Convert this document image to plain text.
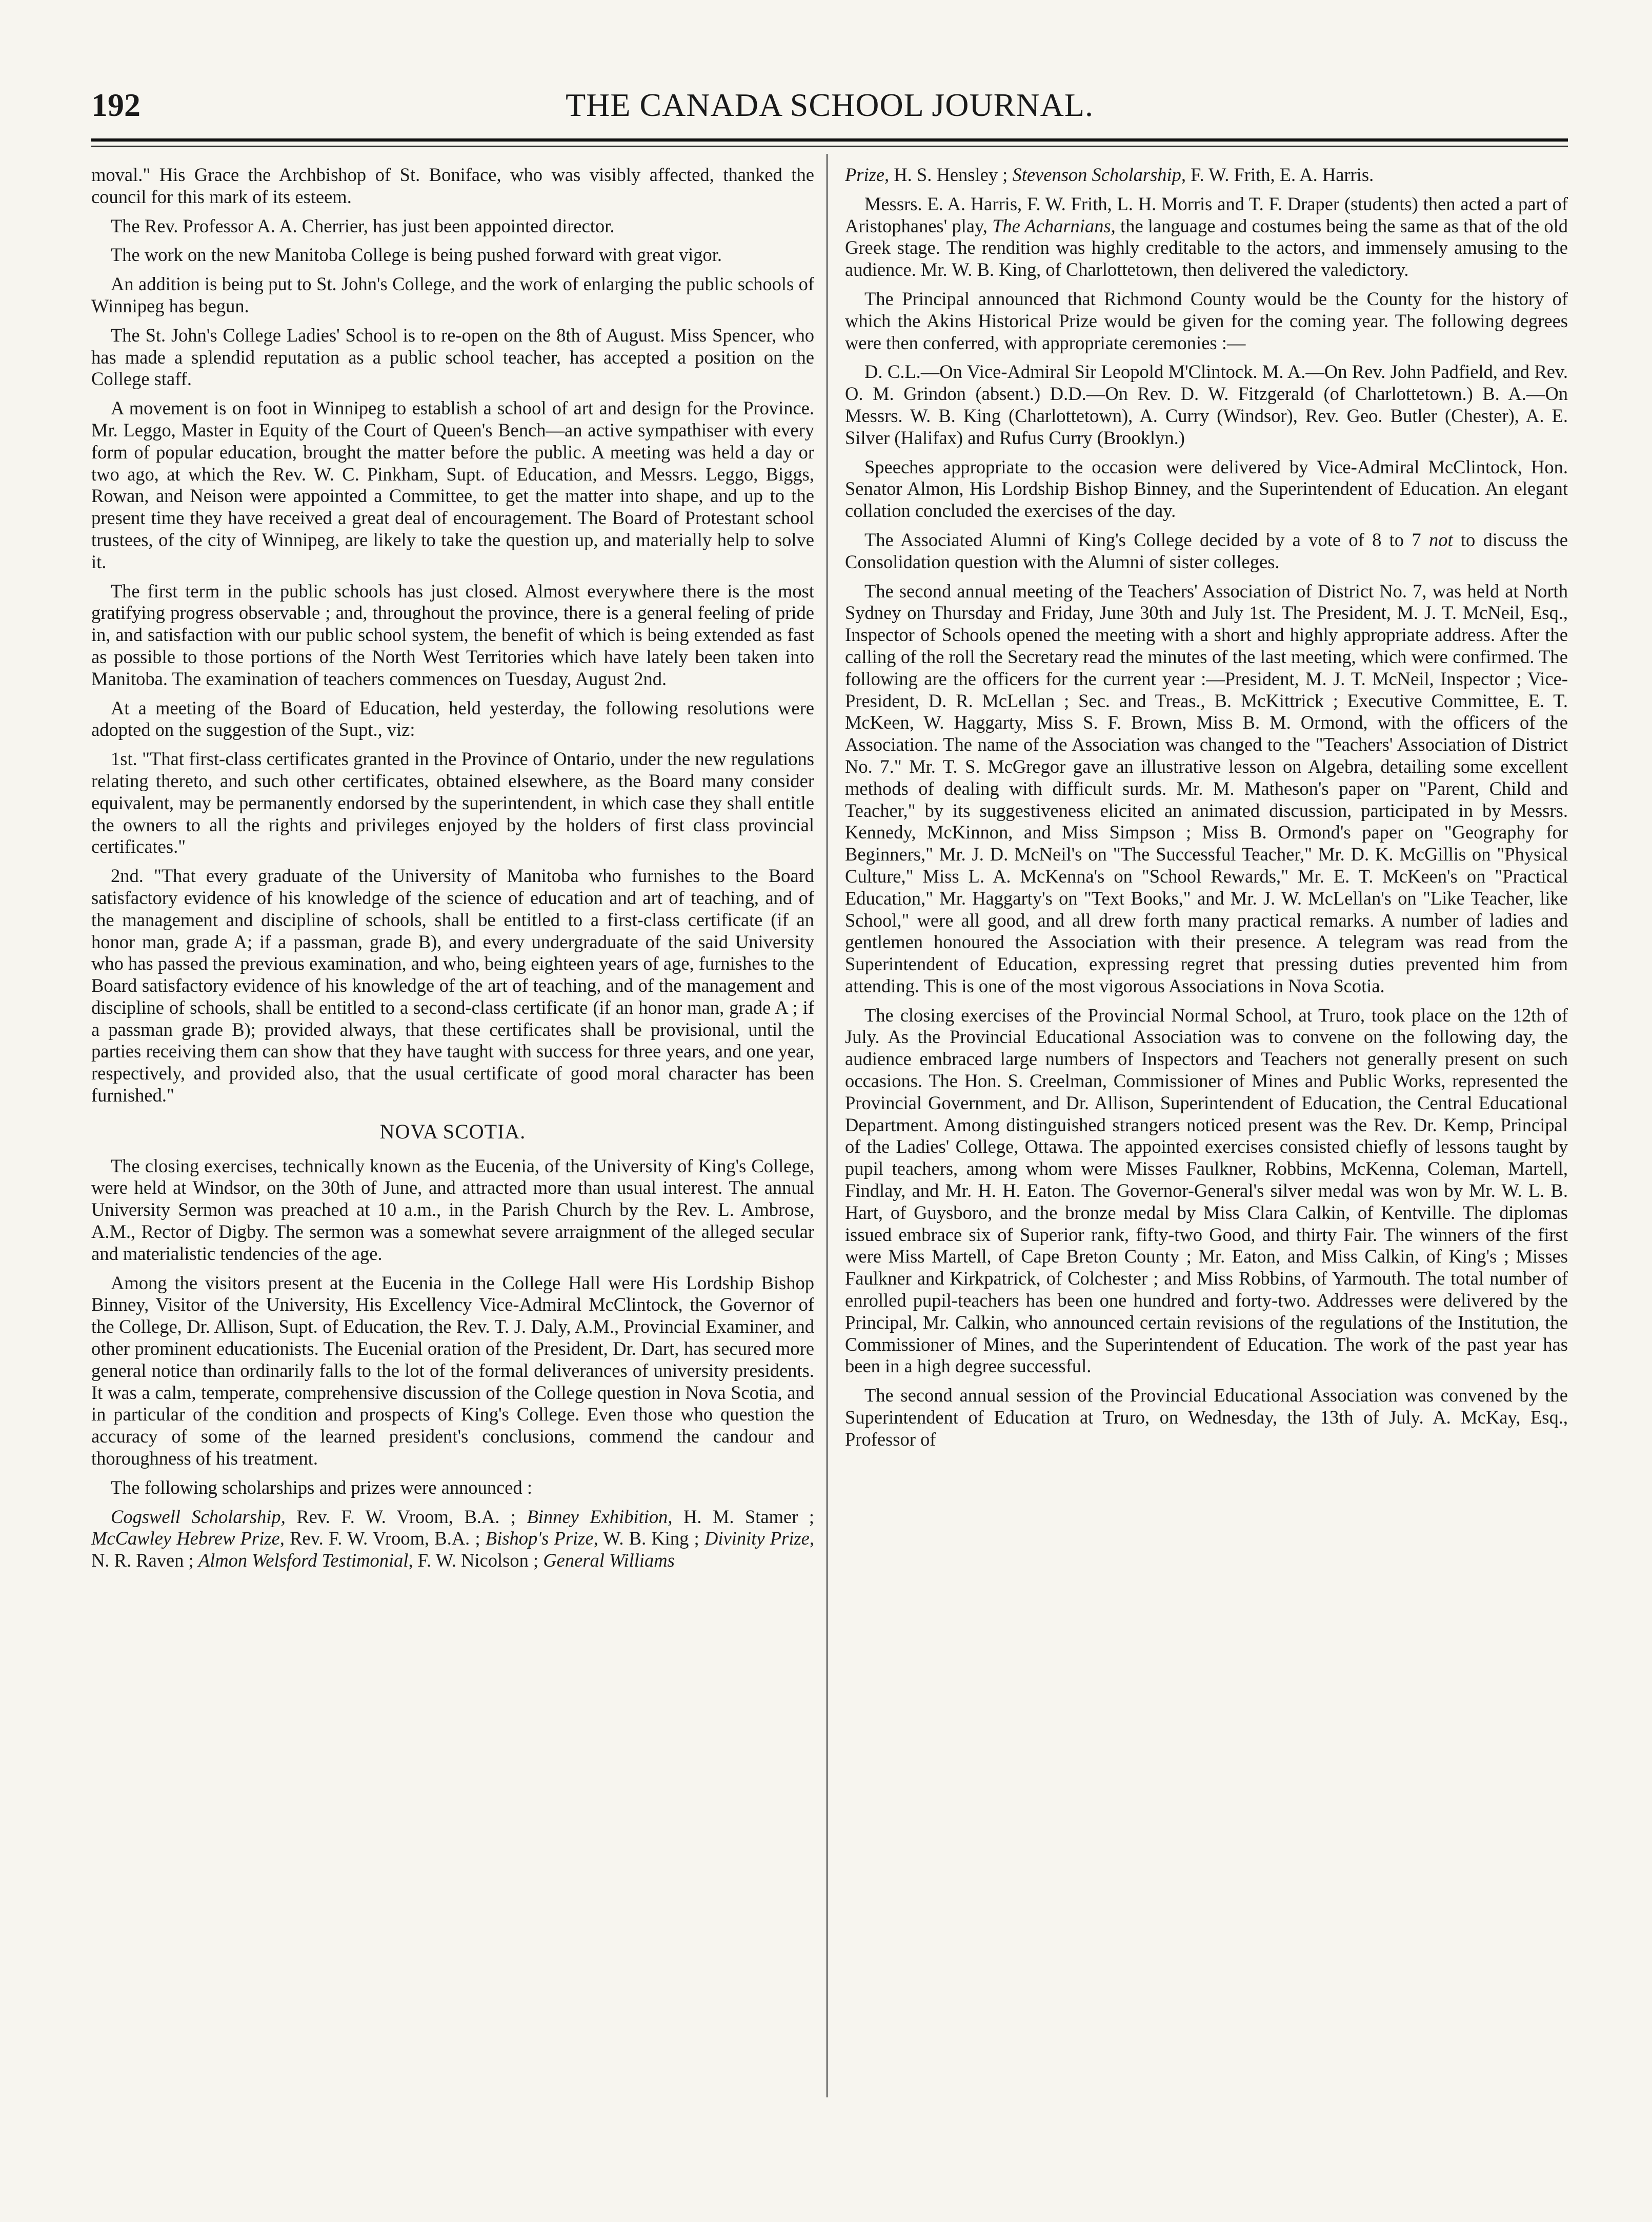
192	THE CANADA SCHOOL JOURNAL.

moval." His Grace the Archbishop of St. Boniface, who was visibly affected, thanked the council for this mark of its esteem.

The Rev. Professor A. A. Cherrier, has just been appointed director.

The work on the new Manitoba College is being pushed forward with great vigor.

An addition is being put to St. John's College, and the work of enlarging the public schools of Winnipeg has begun.

The St. John's College Ladies' School is to re-open on the 8th of August. Miss Spencer, who has made a splendid reputation as a public school teacher, has accepted a position on the College staff.

A movement is on foot in Winnipeg to establish a school of art and design for the Province. Mr. Leggo, Master in Equity of the Court of Queen's Bench—an active sympathiser with every form of popular education, brought the matter before the public. A meeting was held a day or two ago, at which the Rev. W. C. Pinkham, Supt. of Education, and Messrs. Leggo, Biggs, Rowan, and Neison were appointed a Committee, to get the matter into shape, and up to the present time they have received a great deal of encouragement. The Board of Protestant school trustees, of the city of Winnipeg, are likely to take the question up, and materially help to solve it.

The first term in the public schools has just closed. Almost everywhere there is the most gratifying progress observable ; and, throughout the province, there is a general feeling of pride in, and satisfaction with our public school system, the benefit of which is being extended as fast as possible to those portions of the North West Territories which have lately been taken into Manitoba. The examination of teachers commences on Tuesday, August 2nd.

At a meeting of the Board of Education, held yesterday, the following resolutions were adopted on the suggestion of the Supt., viz:

1st. "That first-class certificates granted in the Province of Ontario, under the new regulations relating thereto, and such other certificates, obtained elsewhere, as the Board many consider equivalent, may be permanently endorsed by the superintendent, in which case they shall entitle the owners to all the rights and privileges enjoyed by the holders of first class provincial certificates."

2nd. "That every graduate of the University of Manitoba who furnishes to the Board satisfactory evidence of his knowledge of the science of education and art of teaching, and of the management and discipline of schools, shall be entitled to a first-class certificate (if an honor man, grade A; if a passman, grade B), and every undergraduate of the said University who has passed the previous examination, and who, being eighteen years of age, furnishes to the Board satisfactory evidence of his knowledge of the art of teaching, and of the management and discipline of schools, shall be entitled to a second-class certificate (if an honor man, grade A ; if a passman grade B); provided always, that these certificates shall be provisional, until the parties receiving them can show that they have taught with success for three years, and one year, respectively, and provided also, that the usual certificate of good moral character has been furnished."

NOVA SCOTIA.

The closing exercises, technically known as the Eucenia, of the University of King's College, were held at Windsor, on the 30th of June, and attracted more than usual interest. The annual University Sermon was preached at 10 a.m., in the Parish Church by the Rev. L. Ambrose, A.M., Rector of Digby. The sermon was a somewhat severe arraignment of the alleged secular and materialistic tendencies of the age.

Among the visitors present at the Eucenia in the College Hall were His Lordship Bishop Binney, Visitor of the University, His Excellency Vice-Admiral McClintock, the Governor of the College, Dr. Allison, Supt. of Education, the Rev. T. J. Daly, A.M., Provincial Examiner, and other prominent educationists. The Eucenial oration of the President, Dr. Dart, has secured more general notice than ordinarily falls to the lot of the formal deliverances of university presidents. It was a calm, temperate, comprehensive discussion of the College question in Nova Scotia, and in particular of the condition and prospects of King's College. Even those who question the accuracy of some of the learned president's conclusions, commend the candour and thoroughness of his treatment.

The following scholarships and prizes were announced :

Cogswell Scholarship, Rev. F. W. Vroom, B.A. ; Binney Exhibition, H. M. Stamer ; McCawley Hebrew Prize, Rev. F. W. Vroom, B.A. ; Bishop's Prize, W. B. King ; Divinity Prize, N. R. Raven ; Almon Welsford Testimonial, F. W. Nicolson ; General Williams

Prize, H. S. Hensley ; Stevenson Scholarship, F. W. Frith, E. A. Harris.

Messrs. E. A. Harris, F. W. Frith, L. H. Morris and T. F. Draper (students) then acted a part of Aristophanes' play, The Acharnians, the language and costumes being the same as that of the old Greek stage. The rendition was highly creditable to the actors, and immensely amusing to the audience. Mr. W. B. King, of Charlottetown, then delivered the valedictory.

The Principal announced that Richmond County would be the County for the history of which the Akins Historical Prize would be given for the coming year. The following degrees were then conferred, with appropriate ceremonies :—

D. C.L.—On Vice-Admiral Sir Leopold M'Clintock. M. A.—On Rev. John Padfield, and Rev. O. M. Grindon (absent.) D.D.—On Rev. D. W. Fitzgerald (of Charlottetown.) B. A.—On Messrs. W. B. King (Charlottetown), A. Curry (Windsor), Rev. Geo. Butler (Chester), A. E. Silver (Halifax) and Rufus Curry (Brooklyn.)

Speeches appropriate to the occasion were delivered by Vice-Admiral McClintock, Hon. Senator Almon, His Lordship Bishop Binney, and the Superintendent of Education. An elegant collation concluded the exercises of the day.

The Associated Alumni of King's College decided by a vote of 8 to 7 not to discuss the Consolidation question with the Alumni of sister colleges.

The second annual meeting of the Teachers' Association of District No. 7, was held at North Sydney on Thursday and Friday, June 30th and July 1st. The President, M. J. T. McNeil, Esq., Inspector of Schools opened the meeting with a short and highly appropriate address. After the calling of the roll the Secretary read the minutes of the last meeting, which were confirmed. The following are the officers for the current year :—President, M. J. T. McNeil, Inspector ; Vice-President, D. R. McLellan ; Sec. and Treas., B. McKittrick ; Executive Committee, E. T. McKeen, W. Haggarty, Miss S. F. Brown, Miss B. M. Ormond, with the officers of the Association. The name of the Association was changed to the "Teachers' Association of District No. 7." Mr. T. S. McGregor gave an illustrative lesson on Algebra, detailing some excellent methods of dealing with difficult surds. Mr. M. Matheson's paper on "Parent, Child and Teacher," by its suggestiveness elicited an animated discussion, participated in by Messrs. Kennedy, McKinnon, and Miss Simpson ; Miss B. Ormond's paper on "Geography for Beginners," Mr. J. D. McNeil's on "The Successful Teacher," Mr. D. K. McGillis on "Physical Culture," Miss L. A. McKenna's on "School Rewards," Mr. E. T. McKeen's on "Practical Education," Mr. Haggarty's on "Text Books," and Mr. J. W. McLellan's on "Like Teacher, like School," were all good, and all drew forth many practical remarks. A number of ladies and gentlemen honoured the Association with their presence. A telegram was read from the Superintendent of Education, expressing regret that pressing duties prevented him from attending. This is one of the most vigorous Associations in Nova Scotia.

The closing exercises of the Provincial Normal School, at Truro, took place on the 12th of July. As the Provincial Educational Association was to convene on the following day, the audience embraced large numbers of Inspectors and Teachers not generally present on such occasions. The Hon. S. Creelman, Commissioner of Mines and Public Works, represented the Provincial Government, and Dr. Allison, Superintendent of Education, the Central Educational Department. Among distinguished strangers noticed present was the Rev. Dr. Kemp, Principal of the Ladies' College, Ottawa. The appointed exercises consisted chiefly of lessons taught by pupil teachers, among whom were Misses Faulkner, Robbins, McKenna, Coleman, Martell, Findlay, and Mr. H. H. Eaton. The Governor-General's silver medal was won by Mr. W. L. B. Hart, of Guysboro, and the bronze medal by Miss Clara Calkin, of Kentville. The diplomas issued embrace six of Superior rank, fifty-two Good, and thirty Fair. The winners of the first were Miss Martell, of Cape Breton County ; Mr. Eaton, and Miss Calkin, of King's ; Misses Faulkner and Kirkpatrick, of Colchester ; and Miss Robbins, of Yarmouth. The total number of enrolled pupil-teachers has been one hundred and forty-two. Addresses were delivered by the Principal, Mr. Calkin, who announced certain revisions of the regulations of the Institution, the Commissioner of Mines, and the Superintendent of Education. The work of the past year has been in a high degree successful.

The second annual session of the Provincial Educational Association was convened by the Superintendent of Education at Truro, on Wednesday, the 13th of July. A. McKay, Esq., Professor of
